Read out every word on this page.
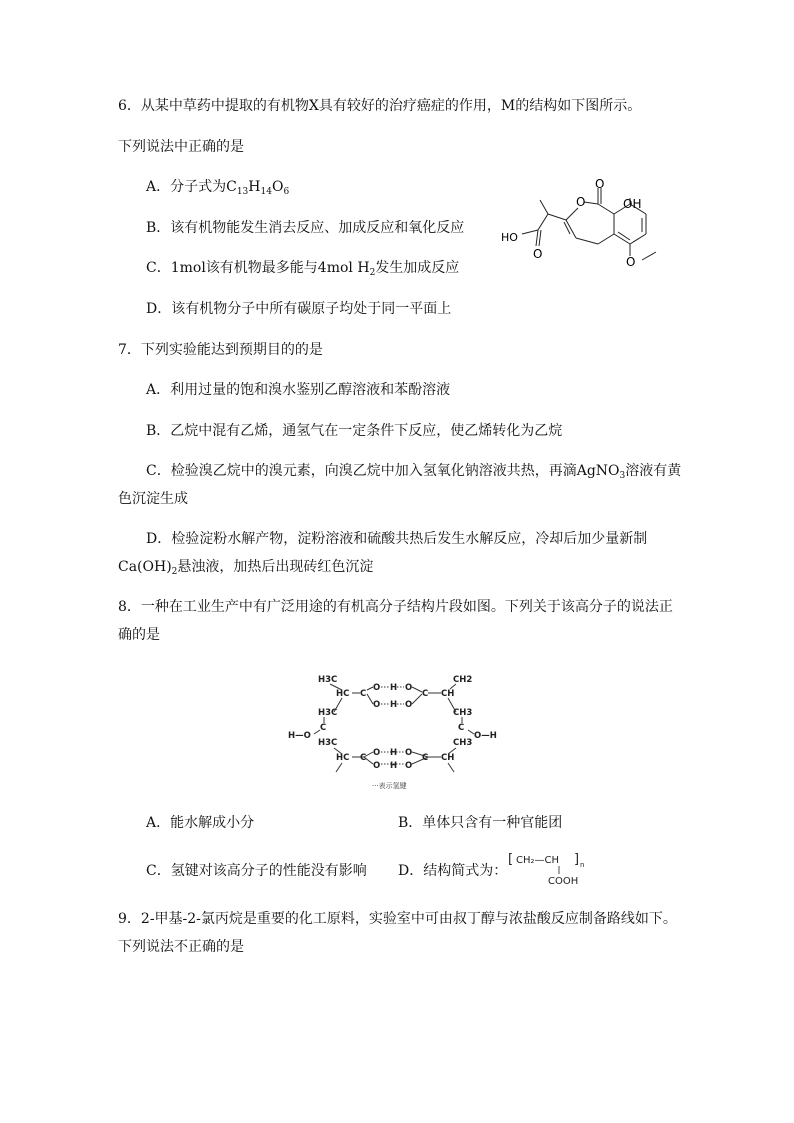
6．从某中草药中提取的有机物X具有较好的治疗癌症的作用，M的结构如下图所示。
下列说法中正确的是
A．分子式为$C_{13}H_{14}O_6$
B．该有机物能发生消去反应、加成反应和氧化反应
C．1mol该有机物最多能与4mol $H_2$发生加成反应
D．该有机物分子中所有碳原子均处于同一平面上
O
O	OH
HO
O
O
7．下列实验能达到预期目的的是
A．利用过量的饱和溴水鉴别乙醇溶液和苯酚溶液
B．乙烷中混有乙烯，通氢气在一定条件下反应，使乙烯转化为乙烷
C．检验溴乙烷中的溴元素，向溴乙烷中加入氢氧化钠溶液共热，再滴AgNO$_3$溶液有黄
色沉淀生成
D．检验淀粉水解产物，淀粉溶液和硫酸共热后发生水解反应，冷却后加少量新制
$Ca(OH)_2$悬浊液，加热后出现砖红色沉淀
8．一种在工业生产中有广泛用途的有机高分子结构片段如图。下列关于该高分子的说法正
确的是
H3C	CH2
HC C
O H O
C CH
O H O
H3C	CH3
C	C
H—O	O—H
H3C	CH3
HC	CH
O H O
O H O
C	C
···表示氢键
A．能水解成小分	B．单体只含有一种官能团
C．氢键对该高分子的性能没有影响 D．结构简式为：
[ CH₂—CH ] n
COOH
9．2-甲基-2-氯丙烷是重要的化工原料，实验室中可由叔丁醇与浓盐酸反应制备路线如下。
下列说法不正确的是
